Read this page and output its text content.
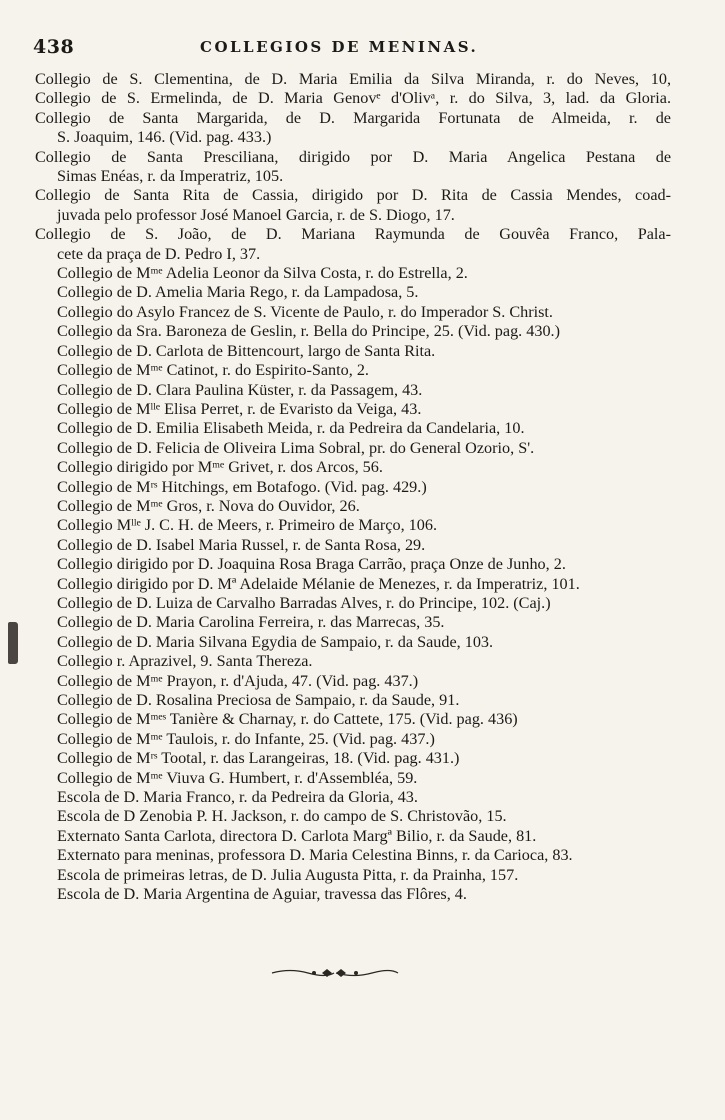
438	COLLEGIOS DE MENINAS.
Collegio de S. Clementina, de D. Maria Emilia da Silva Miranda, r. do Neves, 10,
Collegio de S. Ermelinda, de D. Maria Genovᵉ d'Olivᵃ, r. do Silva, 3, lad. da Gloria.
Collegio de Santa Margarida, de D. Margarida Fortunata de Almeida, r. de
S. Joaquim, 146. (Vid. pag. 433.)
Collegio de Santa Presciliana, dirigido por D. Maria Angelica Pestana de
Simas Enéas, r. da Imperatriz, 105.
Collegio de Santa Rita de Cassia, dirigido por D. Rita de Cassia Mendes, coad-
juvada pelo professor José Manoel Garcia, r. de S. Diogo, 17.
Collegio de S. João, de D. Mariana Raymunda de Gouvêa Franco, Pala-
cete da praça de D. Pedro I, 37.
Collegio de Mᵐᵉ Adelia Leonor da Silva Costa, r. do Estrella, 2.
Collegio de D. Amelia Maria Rego, r. da Lampadosa, 5.
Collegio do Asylo Francez de S. Vicente de Paulo, r. do Imperador S. Christ.
Collegio da Sra. Baroneza de Geslin, r. Bella do Principe, 25. (Vid. pag. 430.)
Collegio de D. Carlota de Bittencourt, largo de Santa Rita.
Collegio de Mᵐᵉ Catinot, r. do Espirito-Santo, 2.
Collegio de D. Clara Paulina Küster, r. da Passagem, 43.
Collegio de Mˡˡᵉ Elisa Perret, r. de Evaristo da Veiga, 43.
Collegio de D. Emilia Elisabeth Meida, r. da Pedreira da Candelaria, 10.
Collegio de D. Felicia de Oliveira Lima Sobral, pr. do General Ozorio, S'.
Collegio dirigido por Mᵐᵉ Grivet, r. dos Arcos, 56.
Collegio de Mʳˢ Hitchings, em Botafogo. (Vid. pag. 429.)
Collegio de Mᵐᵉ Gros, r. Nova do Ouvidor, 26.
Collegio Mˡˡᵉ J. C. H. de Meers, r. Primeiro de Março, 106.
Collegio de D. Isabel Maria Russel, r. de Santa Rosa, 29.
Collegio dirigido por D. Joaquina Rosa Braga Carrão, praça Onze de Junho, 2.
Collegio dirigido por D. Mª Adelaide Mélanie de Menezes, r. da Imperatriz, 101.
Collegio de D. Luiza de Carvalho Barradas Alves, r. do Principe, 102. (Caj.)
Collegio de D. Maria Carolina Ferreira, r. das Marrecas, 35.
Collegio de D. Maria Silvana Egydia de Sampaio, r. da Saude, 103.
Collegio r. Aprazivel, 9. Santa Thereza.
Collegio de Mᵐᵉ Prayon, r. d'Ajuda, 47. (Vid. pag. 437.)
Collegio de D. Rosalina Preciosa de Sampaio, r. da Saude, 91.
Collegio de Mᵐᵉˢ Tanière & Charnay, r. do Cattete, 175. (Vid. pag. 436)
Collegio de Mᵐᵉ Taulois, r. do Infante, 25. (Vid. pag. 437.)
Collegio de Mʳˢ Tootal, r. das Larangeiras, 18. (Vid. pag. 431.)
Collegio de Mᵐᵉ Viuva G. Humbert, r. d'Assembléa, 59.
Escola de D. Maria Franco, r. da Pedreira da Gloria, 43.
Escola de D Zenobia P. H. Jackson, r. do campo de S. Christovão, 15.
Externato Santa Carlota, directora D. Carlota Margª Bilio, r. da Saude, 81.
Externato para meninas, professora D. Maria Celestina Binns, r. da Carioca, 83.
Escola de primeiras letras, de D. Julia Augusta Pitta, r. da Prainha, 157.
Escola de D. Maria Argentina de Aguiar, travessa das Flôres, 4.
